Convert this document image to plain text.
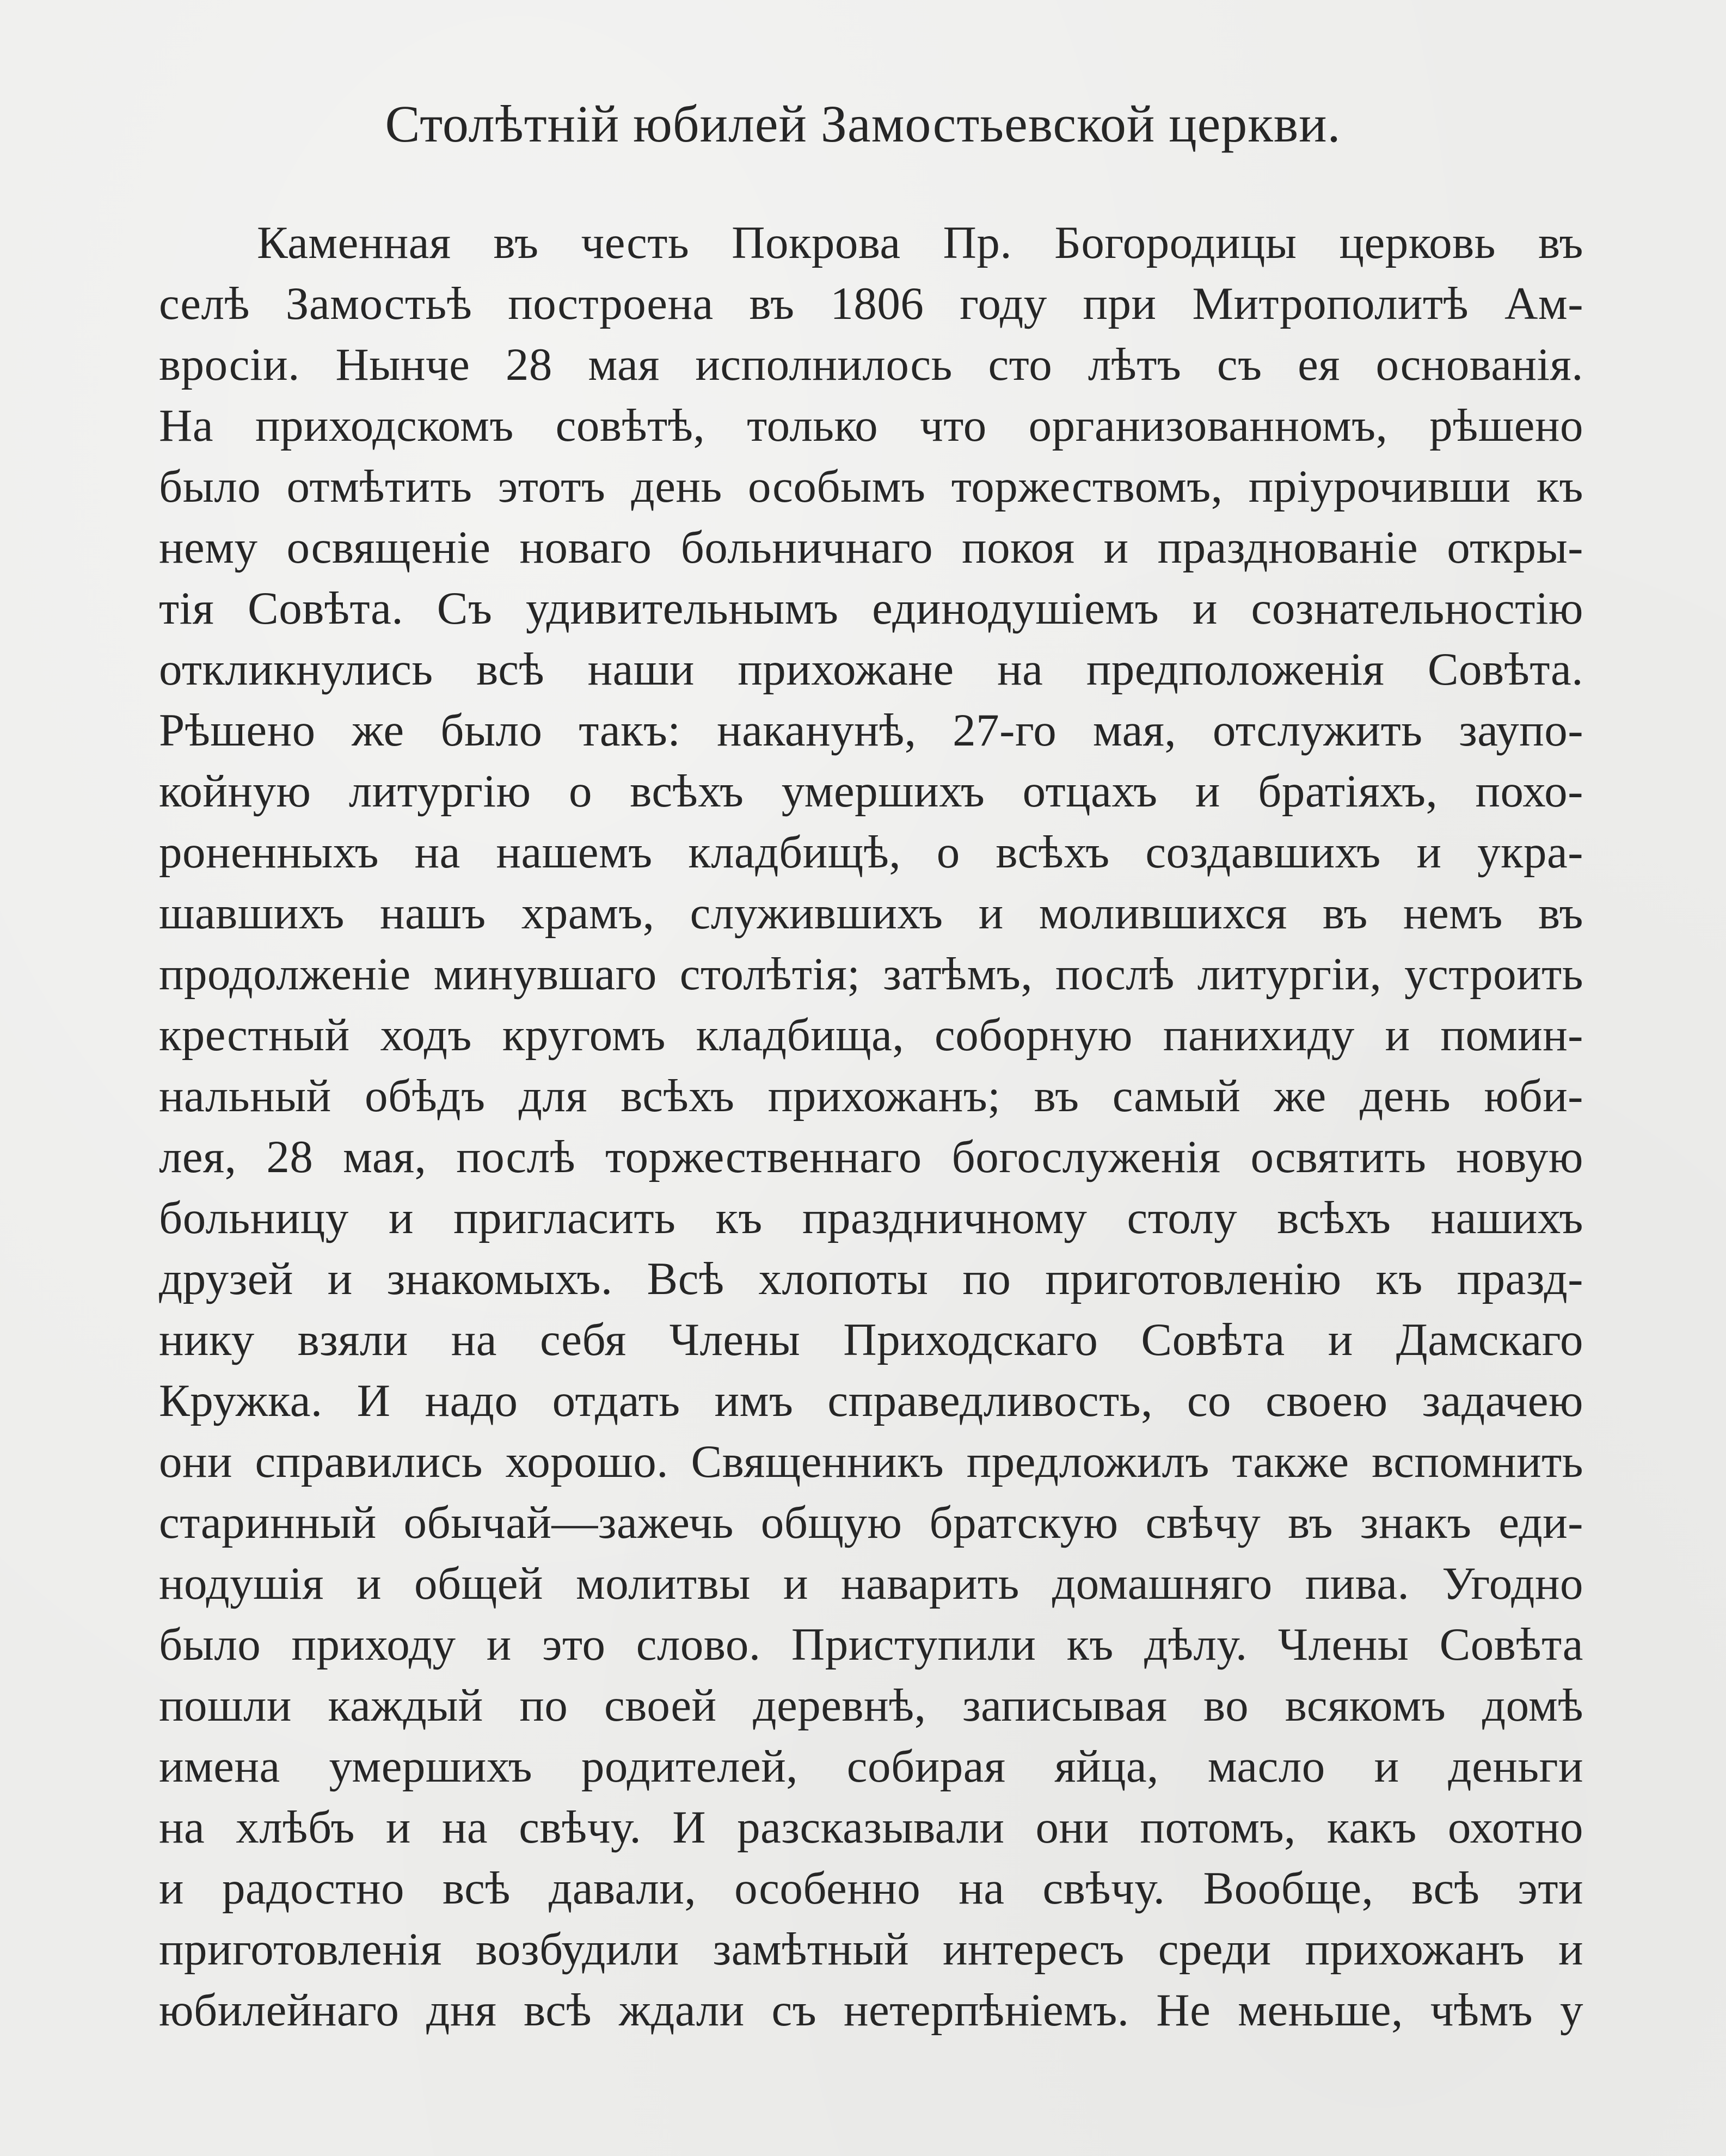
Столѣтній юбилей Замостьевской церкви.
Каменная въ честь Покрова Пр. Богородицы церковь въ
селѣ Замостьѣ построена въ 1806 году при Митрополитѣ Ам-
вросіи. Нынче 28 мая исполнилось сто лѣтъ съ ея основанія.
На приходскомъ совѣтѣ, только что организованномъ, рѣшено
было отмѣтить этотъ день особымъ торжествомъ, пріурочивши къ
нему освященіе новаго больничнаго покоя и празднованіе откры-
тія Совѣта. Съ удивительнымъ единодушіемъ и сознательностію
откликнулись всѣ наши прихожане на предположенія Совѣта.
Рѣшено же было такъ: наканунѣ, 27-го мая, отслужить заупо-
койную литургію о всѣхъ умершихъ отцахъ и братіяхъ, похо-
роненныхъ на нашемъ кладбищѣ, о всѣхъ создавшихъ и укра-
шавшихъ нашъ храмъ, служившихъ и молившихся въ немъ въ
продолженіе минувшаго столѣтія; затѣмъ, послѣ литургіи, устроить
крестный ходъ кругомъ кладбища, соборную панихиду и помин-
нальный обѣдъ для всѣхъ прихожанъ; въ самый же день юби-
лея, 28 мая, послѣ торжественнаго богослуженія освятить новую
больницу и пригласить къ праздничному столу всѣхъ нашихъ
друзей и знакомыхъ. Всѣ хлопоты по приготовленію къ празд-
нику взяли на себя Члены Приходскаго Совѣта и Дамскаго
Кружка. И надо отдать имъ справедливость, со своею задачею
они справились хорошо. Священникъ предложилъ также вспомнить
старинный обычай—зажечь общую братскую свѣчу въ знакъ еди-
нодушія и общей молитвы и наварить домашняго пива. Угодно
было приходу и это слово. Приступили къ дѣлу. Члены Совѣта
пошли каждый по своей деревнѣ, записывая во всякомъ домѣ
имена умершихъ родителей, собирая яйца, масло и деньги
на хлѣбъ и на свѣчу. И разсказывали они потомъ, какъ охотно
и радостно всѣ давали, особенно на свѣчу. Вообще, всѣ эти
приготовленія возбудили замѣтный интересъ среди прихожанъ и
юбилейнаго дня всѣ ждали съ нетерпѣніемъ. Не меньше, чѣмъ у
